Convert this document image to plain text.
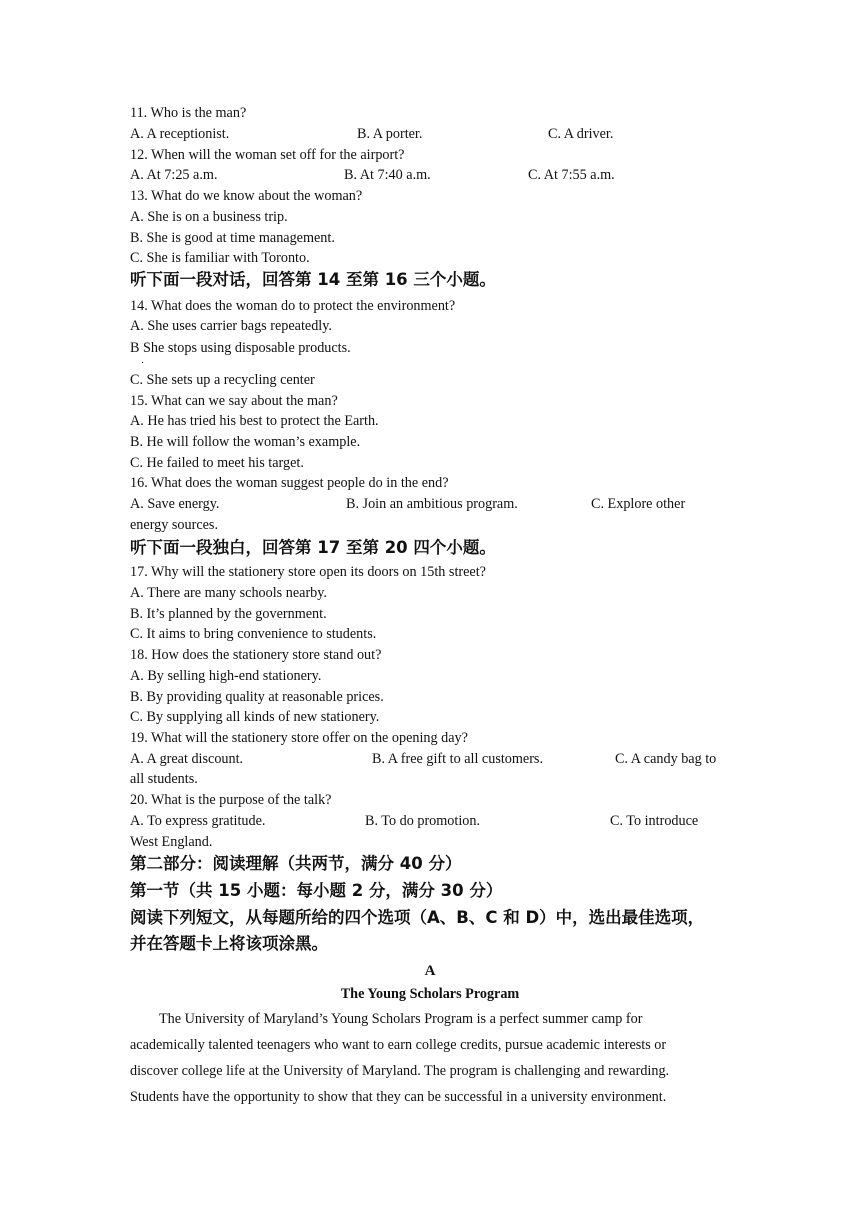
11. Who is the man?
A. A receptionist.	B. A porter.	C. A driver.
12. When will the woman set off for the airport?
A. At 7:25 a.m.	B. At 7:40 a.m.	C. At 7:55 a.m.
13. What do we know about the woman?
A. She is on a business trip.
B. She is good at time management.
C. She is familiar with Toronto.
听下面一段对话，回答第 14 至第 16 三个小题。
14. What does the woman do to protect the environment?
A. She uses carrier bags repeatedly.
B She stops using disposable products.
．
C. She sets up a recycling center
15. What can we say about the man?
A. He has tried his best to protect the Earth.
B. He will follow the woman’s example.
C. He failed to meet his target.
16. What does the woman suggest people do in the end?
A. Save energy.	B. Join an ambitious program.	C. Explore other
energy sources.
听下面一段独白，回答第 17 至第 20 四个小题。
17. Why will the stationery store open its doors on 15th street?
A. There are many schools nearby.
B. It’s planned by the government.
C. It aims to bring convenience to students.
18. How does the stationery store stand out?
A. By selling high-end stationery.
B. By providing quality at reasonable prices.
C. By supplying all kinds of new stationery.
19. What will the stationery store offer on the opening day?
A. A great discount.	B. A free gift to all customers.	C. A candy bag to
all students.
20. What is the purpose of the talk?
A. To express gratitude.	B. To do promotion.	C. To introduce
West England.
第二部分：阅读理解（共两节，满分 40 分）
第一节（共 15 小题：每小题 2 分，满分 30 分）
阅读下列短文，从每题所给的四个选项（A、B、C 和 D）中，选出最佳选项，
并在答题卡上将该项涂黑。
A
The Young Scholars Program
The University of Maryland’s Young Scholars Program is a perfect summer camp for
academically talented teenagers who want to earn college credits, pursue academic interests or
discover college life at the University of Maryland. The program is challenging and rewarding.
Students have the opportunity to show that they can be successful in a university environment.
